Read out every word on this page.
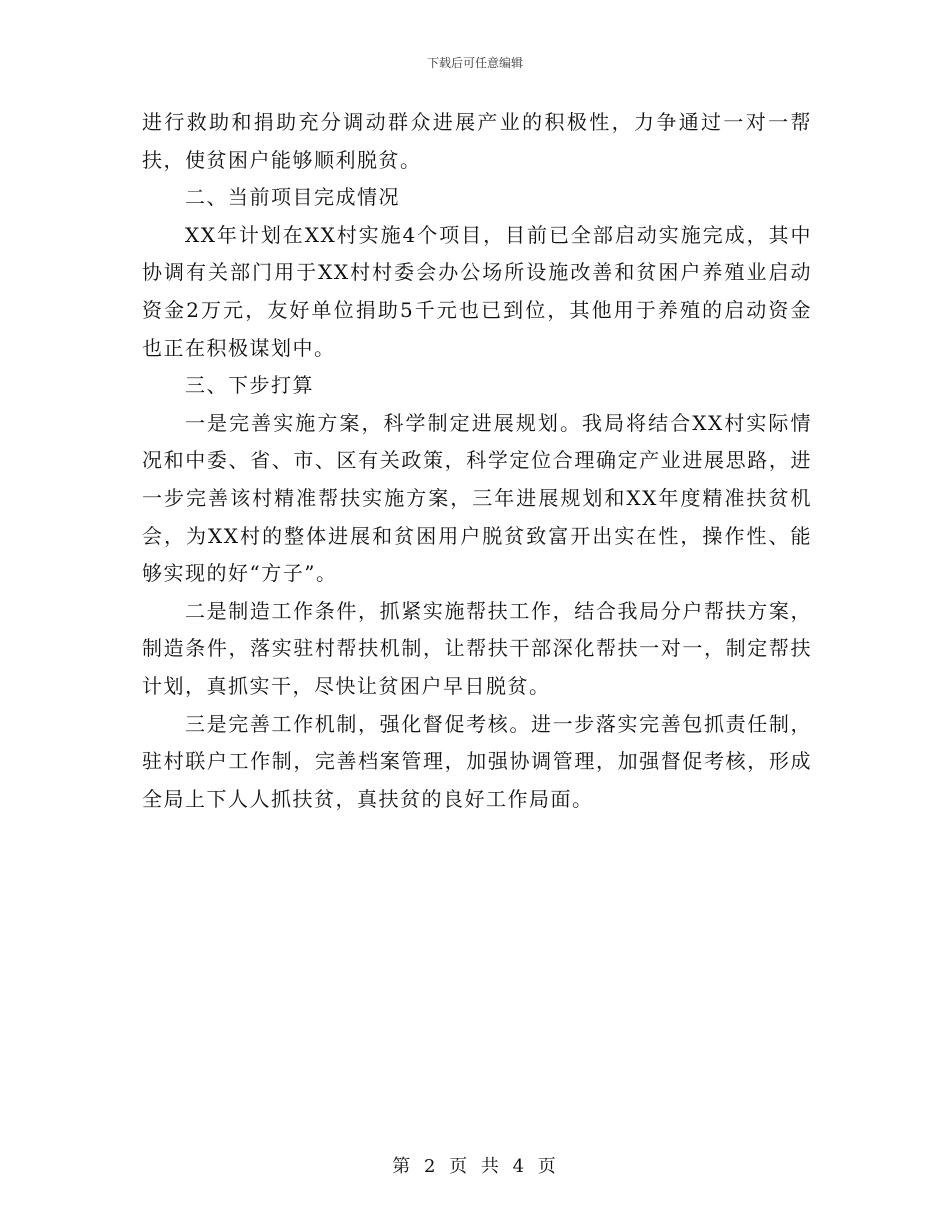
下载后可任意编辑

进行救助和捐助充分调动群众进展产业的积极性，力争通过一对一帮扶，使贫困户能够顺利脱贫。

二、当前项目完成情况

XX年计划在XX村实施4个项目，目前已全部启动实施完成，其中协调有关部门用于XX村村委会办公场所设施改善和贫困户养殖业启动资金2万元，友好单位捐助5千元也已到位，其他用于养殖的启动资金也正在积极谋划中。

三、下步打算

一是完善实施方案，科学制定进展规划。我局将结合XX村实际情况和中委、省、市、区有关政策，科学定位合理确定产业进展思路，进一步完善该村精准帮扶实施方案，三年进展规划和XX年度精准扶贫机会，为XX村的整体进展和贫困用户脱贫致富开出实在性，操作性、能够实现的好“方子”。

二是制造工作条件，抓紧实施帮扶工作，结合我局分户帮扶方案，制造条件，落实驻村帮扶机制，让帮扶干部深化帮扶一对一，制定帮扶计划，真抓实干，尽快让贫困户早日脱贫。

三是完善工作机制，强化督促考核。进一步落实完善包抓责任制，驻村联户工作制，完善档案管理，加强协调管理，加强督促考核，形成全局上下人人抓扶贫，真扶贫的良好工作局面。

第 2 页 共 4 页
